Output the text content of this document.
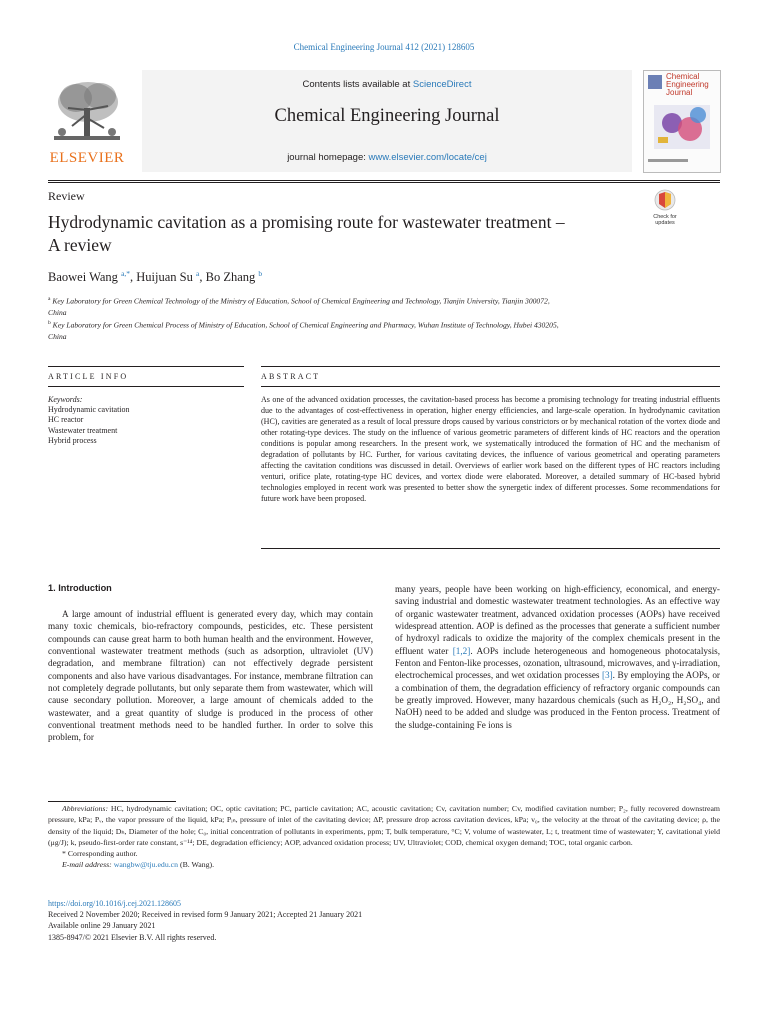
Chemical Engineering Journal 412 (2021) 128605
Contents lists available at ScienceDirect
Chemical Engineering Journal
journal homepage: www.elsevier.com/locate/cej
ELSEVIER
Chemical
Engineering
Journal
Review
Hydrodynamic cavitation as a promising route for wastewater treatment –
A review
Check for
updates
Baowei Wang $^{a,*}$, Huijuan Su $^a$, Bo Zhang $^b$
$^a$ Key Laboratory for Green Chemical Technology of the Ministry of Education, School of Chemical Engineering and Technology, Tianjin University, Tianjin 300072,
China
$^b$ Key Laboratory for Green Chemical Process of Ministry of Education, School of Chemical Engineering and Pharmacy, Wuhan Institute of Technology, Hubei 430205,
China
ARTICLE INFO	ABSTRACT
Keywords:
Hydrodynamic cavitation
HC reactor
Wastewater treatment
Hybrid process
As one of the advanced oxidation processes, the cavitation-based process has become a promising technology for treating industrial effluents due to the advantages of cost-effectiveness in operation, higher energy efficiencies, and large-scale operation. In hydrodynamic cavitation (HC), cavities are generated as a result of local pressure drops caused by various constrictors or by mechanical rotation of the vortex diode and other rotating-type devices. The study on the influence of various geometric parameters of different kinds of HC reactors and the operation conditions is popular among researchers. In the present work, we systematically introduced the formation of HC and the mechanism of degradation of pollutants by HC. Further, for various cavitating devices, the influence of various geometrical and operating parameters affecting the cavitation conditions was discussed in detail. Overviews of earlier work based on the different types of HC reactors including venturi, orifice plate, rotating-type HC devices, and vortex diode were elaborated. Moreover, a detailed summary of HC-based hybrid technologies employed in recent work was presented to better show the synergetic index of different processes. Some recommendations for future work have been proposed.
1. Introduction

A large amount of industrial effluent is generated every day, which may contain many toxic chemicals, bio-refractory compounds, pesticides, etc. These persistent compounds can cause great harm to both human health and the environment. However, conventional wastewater treatment methods (such as adsorption, ultraviolet (UV) degradation, and membrane filtration) can not effectively degrade persistent components and also have various disadvantages. For instance, membrane filtration can not completely degrade pollutants, but only separate them from wastewater, which will cause secondary pollution. Moreover, a large amount of chemicals added to the wastewater, and a great quantity of sludge is produced in the process of other conventional treatment methods need to be handled further. In order to solve this problem, for

many years, people have been working on high-efficiency, economical, and energy-saving industrial and domestic wastewater treatment technologies. As an effective way of organic wastewater treatment, advanced oxidation processes (AOPs) have received widespread attention. AOP is defined as the processes that generate a sufficient number of hydroxyl radicals to oxidize the majority of the complex chemicals present in the effluent water [1,2]. AOPs include heterogeneous and homogeneous photocatalysis, Fenton and Fenton-like processes, ozonation, ultrasound, microwaves, and γ-irradiation, electrochemical processes, and wet oxidation processes [3]. By employing the AOPs, or a combination of them, the degradation efficiency of refractory organic compounds can be greatly improved. However, many hazardous chemicals (such as H₂O₂, H₂SO₄, and NaOH) need to be added and sludge was produced in the Fenton process. Treatment of the sludge-containing Fe ions is

Abbreviations: HC, hydrodynamic cavitation; OC, optic cavitation; PC, particle cavitation; AC, acoustic cavitation; Cv, cavitation number; Cv, modified cavitation number; P₂, fully recovered downstream pressure, kPa; Pᵥ, the vapor pressure of the liquid, kPa; Pᵢₙ, pressure of inlet of the cavitating device; ΔP, pressure drop across cavitation devices, kPa; v₀, the velocity at the throat of the cavitating device; ρ, the density of the liquid; Dₕ, Diameter of the hole; C₀, initial concentration of pollutants in experiments, ppm; T, bulk temperature, °C; V, volume of wastewater, L; t, treatment time of wastewater; Y, cavitational yield (μg/J); k, pseudo-first-order rate constant, s⁻¹⁴; DE, degradation efficiency; AOP, advanced oxidation process; UV, Ultraviolet; COD, chemical oxygen demand; TOC, total organic carbon.

* Corresponding author.

E-mail address: wangbw@tju.edu.cn (B. Wang).

https://doi.org/10.1016/j.cej.2021.128605
Received 2 November 2020; Received in revised form 9 January 2021; Accepted 21 January 2021
Available online 29 January 2021
1385-8947/© 2021 Elsevier B.V. All rights reserved.
